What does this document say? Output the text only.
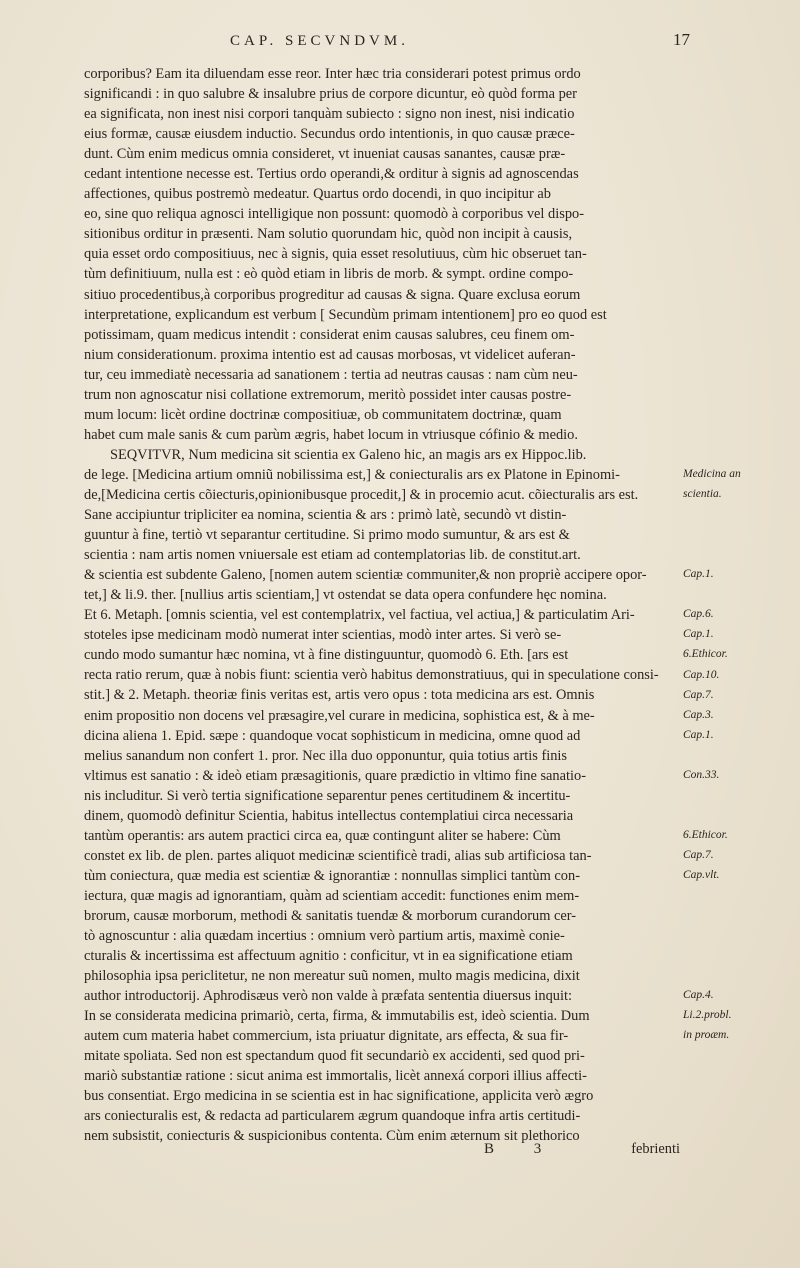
CAP. SECVNDVM.	17
corporibus? Eam ita diluendam esse reor. Inter hæc tria considerari potest primus ordo
significandi : in quo salubre & insalubre prius de corpore dicuntur, eò quòd forma per
ea significata, non inest nisi corpori tanquàm subiecto : signo non inest, nisi indicatio
eius formæ, causæ eiusdem inductio. Secundus ordo intentionis, in quo causæ præce-
dunt. Cùm enim medicus omnia consideret, vt inueniat causas sanantes, causæ præ-
cedant intentione necesse est. Tertius ordo operandi,& orditur à signis ad agnoscendas
affectiones, quibus postremò medeatur. Quartus ordo docendi, in quo incipitur ab
eo, sine quo reliqua agnosci intelligique non possunt: quomodò à corporibus vel dispo-
sitionibus orditur in præsenti. Nam solutio quorundam hic, quòd non incipit à causis,
quia esset ordo compositiuus, nec à signis, quia esset resolutiuus, cùm hic obseruet tan-
tùm definitiuum, nulla est : eò quòd etiam in libris de morb. & sympt. ordine compo-
sitiuo procedentibus,à corporibus progreditur ad causas & signa. Quare exclusa eorum
interpretatione, explicandum est verbum [ Secundùm primam intentionem] pro eo quod est
potissimam, quam medicus intendit : considerat enim causas salubres, ceu finem om-
nium considerationum. proxima intentio est ad causas morbosas, vt videlicet auferan-
tur, ceu immediatè necessaria ad sanationem : tertia ad neutras causas : nam cùm neu-
trum non agnoscatur nisi collatione extremorum, meritò possidet inter causas postre-
mum locum: licèt ordine doctrinæ compositiuæ, ob communitatem doctrinæ, quam
habet cum male sanis & cum parùm ægris, habet locum in vtriusque cófinio & medio.
SEQVITVR, Num medicina sit scientia ex Galeno hic, an magis ars ex Hippoc.lib.
de lege. [Medicina artium omniũ nobilissima est,] & coniecturalis ars ex Platone in Epinomi-
de,[Medicina certis cõiecturis,opinionibusque procedit,] & in procemio acut. cõiecturalis ars est.
Sane accipiuntur tripliciter ea nomina, scientia & ars : primò latè, secundò vt distin-
guuntur à fine, tertiò vt separantur certitudine. Si primo modo sumuntur, & ars est &
scientia : nam artis nomen vniuersale est etiam ad contemplatorias lib. de constitut.art.
& scientia est subdente Galeno, [nomen autem scientiæ communiter,& non propriè accipere opor-
tet,] & li.9. ther. [nullius artis scientiam,] vt ostendat se data opera confundere hęc nomina.
Et 6. Metaph. [omnis scientia, vel est contemplatrix, vel factiua, vel actiua,] & particulatim Ari-
stoteles ipse medicinam modò numerat inter scientias, modò inter artes. Si verò se-
cundo modo sumantur hæc nomina, vt à fine distinguuntur, quomodò 6. Eth. [ars est
recta ratio rerum, quæ à nobis fiunt: scientia verò habitus demonstratiuus, qui in speculatione consi-
stit.] & 2. Metaph. theoriæ finis veritas est, artis vero opus : tota medicina ars est. Omnis
enim propositio non docens vel præsagire,vel curare in medicina, sophistica est, & à me-
dicina aliena 1. Epid. sæpe : quandoque vocat sophisticum in medicina, omne quod ad
melius sanandum non confert 1. pror. Nec illa duo opponuntur, quia totius artis finis
vltimus est sanatio : & ideò etiam præsagitionis, quare prædictio in vltimo fine sanatio-
nis includitur. Si verò tertia significatione separentur penes certitudinem & incertitu-
dinem, quomodò definitur Scientia, habitus intellectus contemplatiui circa necessaria
tantùm operantis: ars autem practici circa ea, quæ contingunt aliter se habere: Cùm
constet ex lib. de plen. partes aliquot medicinæ scientificè tradi, alias sub artificiosa tan-
tùm coniectura, quæ media est scientiæ & ignorantiæ : nonnullas simplici tantùm con-
iectura, quæ magis ad ignorantiam, quàm ad scientiam accedit: functiones enim mem-
brorum, causæ morborum, methodi & sanitatis tuendæ & morborum curandorum cer-
tò agnoscuntur : alia quædam incertius : omnium verò partium artis, maximè conie-
cturalis & incertissima est affectuum agnitio : conficitur, vt in ea significatione etiam
philosophia ipsa periclitetur, ne non mereatur suũ nomen, multo magis medicina, dixit
author introductorij. Aphrodisæus verò non valde à præfata sententia diuersus inquit:
In se considerata medicina primariò, certa, firma, & immutabilis est, ideò scientia. Dum
autem cum materia habet commercium, ista priuatur dignitate, ars effecta, & sua fir-
mitate spoliata. Sed non est spectandum quod fit secundariò ex accidenti, sed quod pri-
mariò substantiæ ratione : sicut anima est immortalis, licèt annexá corpori illius affecti-
bus consentiat. Ergo medicina in se scientia est in hac significatione, applicita verò ægro
ars coniecturalis est, & redacta ad particularem ægrum quandoque infra artis certitudi-
nem subsistit, coniecturis & suspicionibus contenta. Cùm enim æternum sit plethorico
Medicina an
scientia.
Cap.1.
Cap.6.
Cap.1.
6.Ethicor.
Cap.10.
Cap.7.
Cap.3.
Cap.1.
Con.33.
6.Ethicor.
Cap.7.
Cap.vlt.
Cap.4.
Li.2.probl.
in proæm.
B 3	febrienti
